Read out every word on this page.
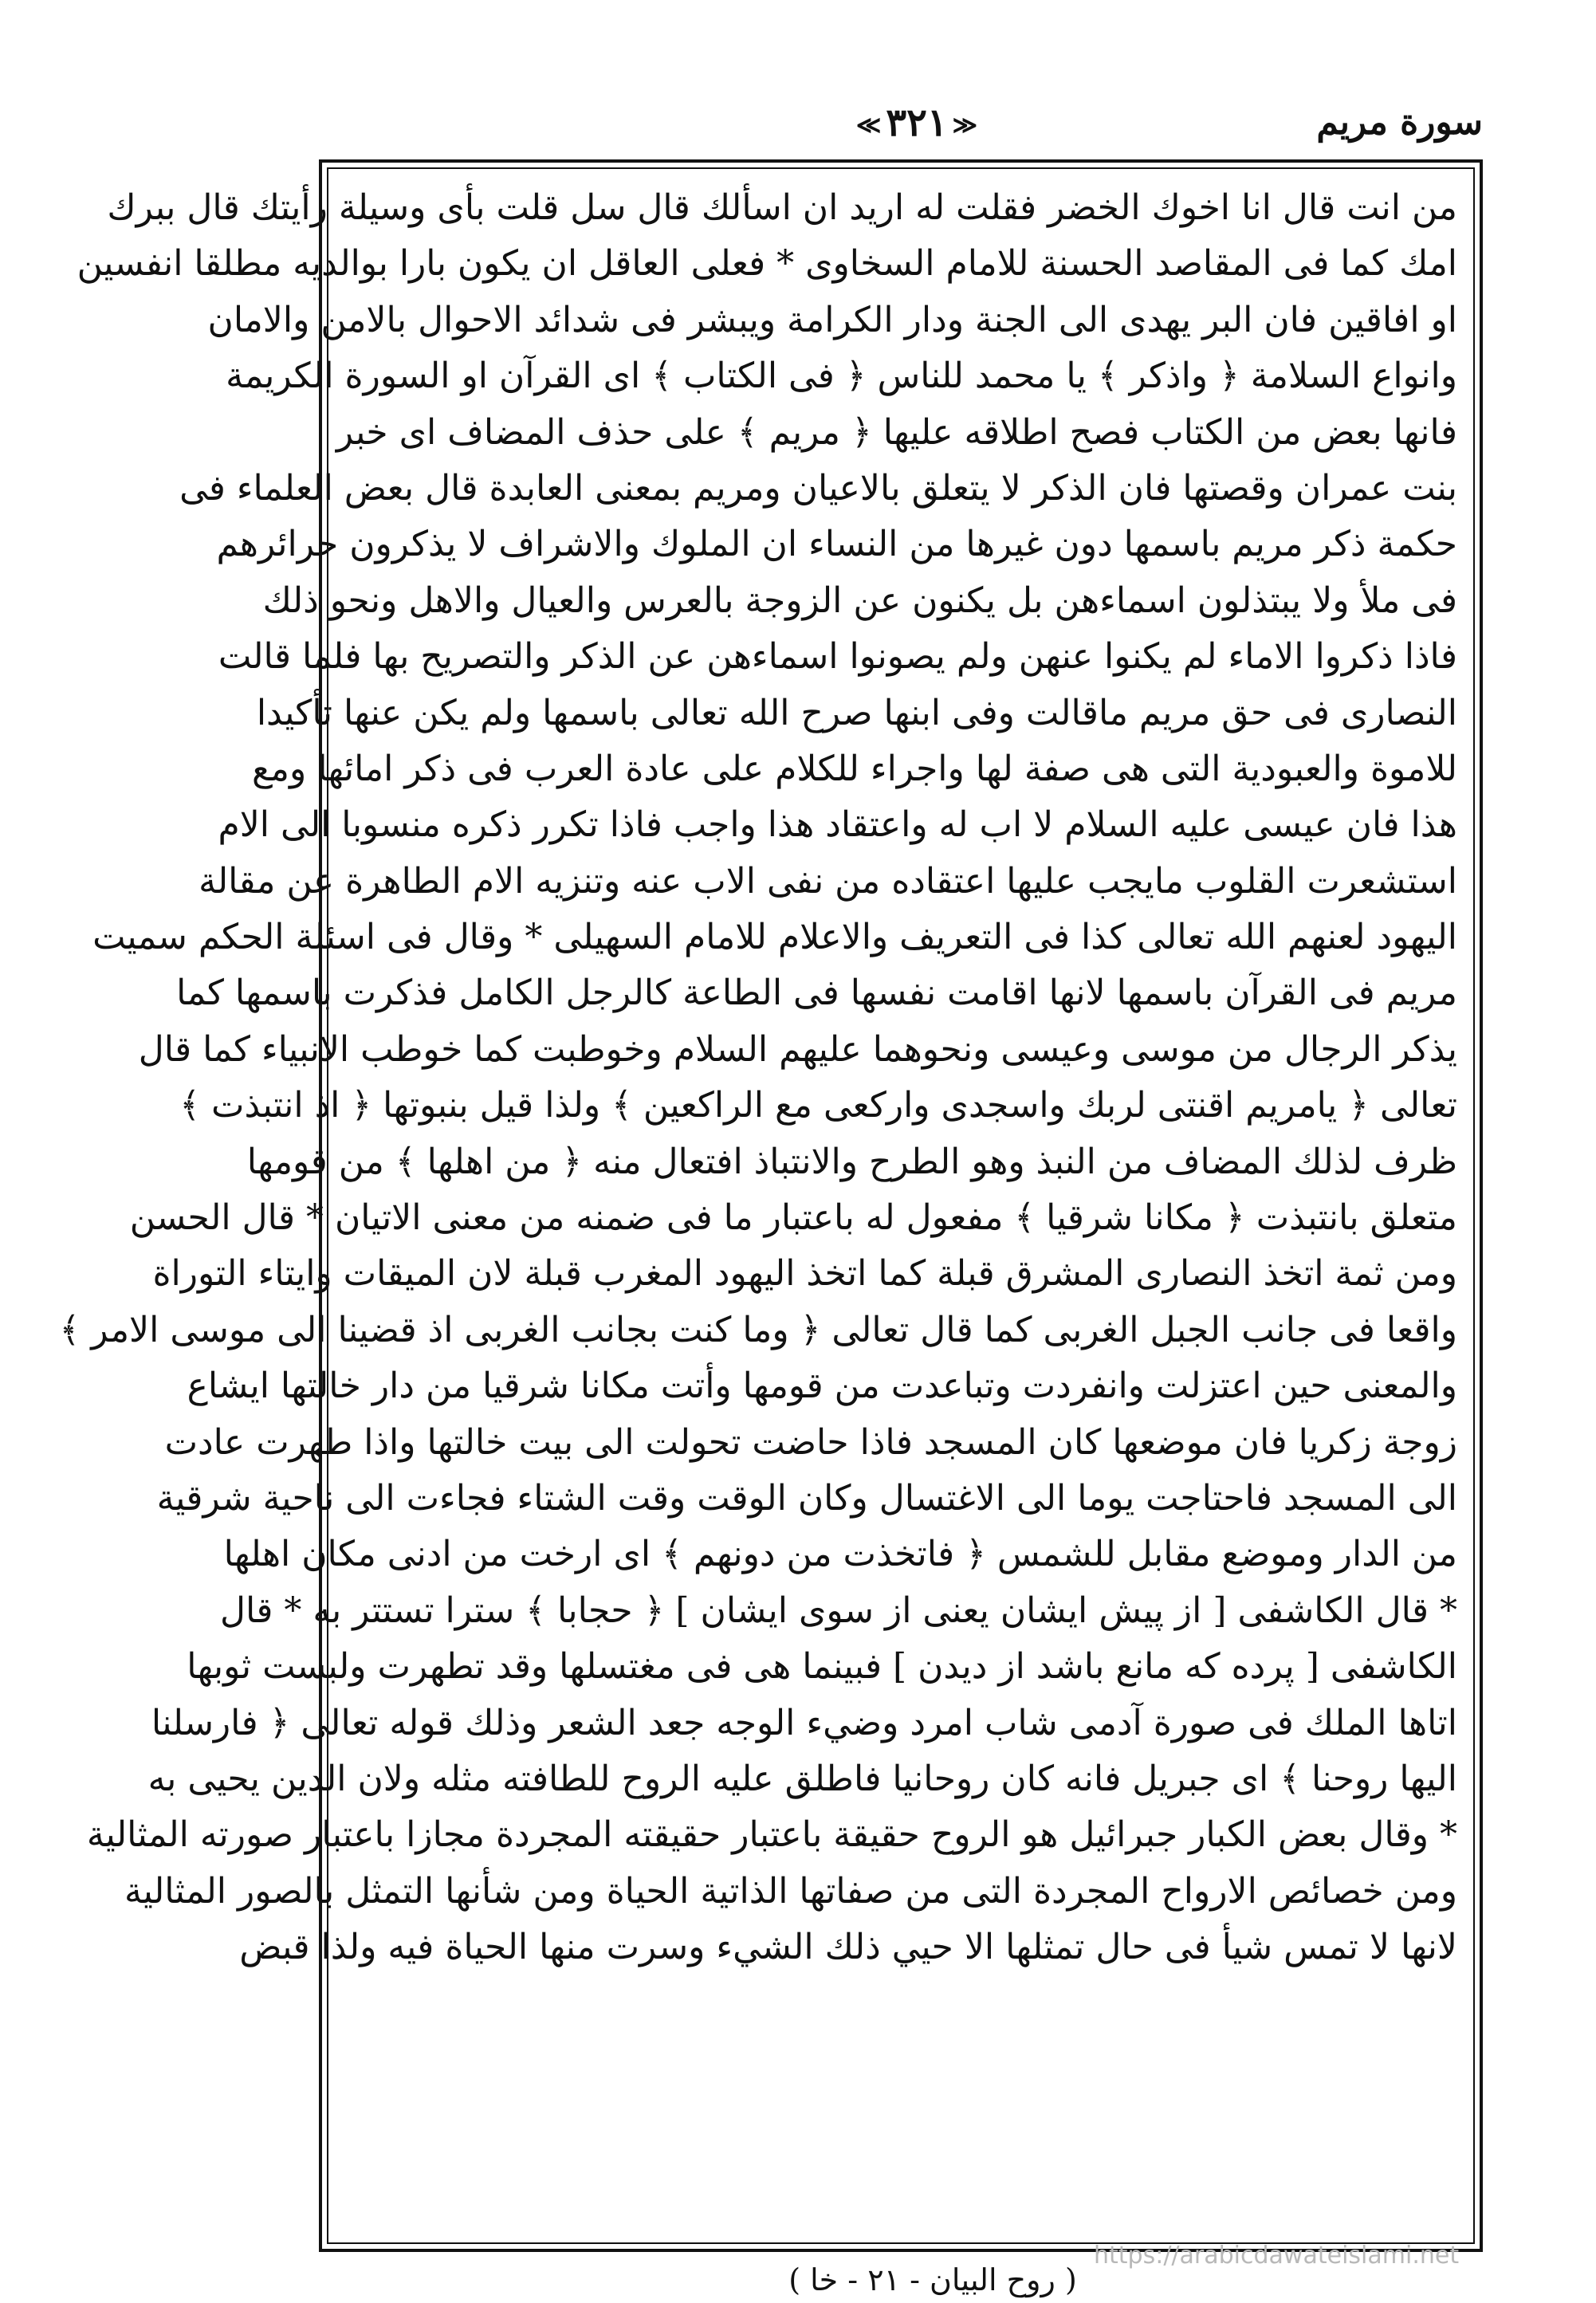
≪ ٣٢١ ≫	سورة مريم
من انت قال انا اخوك الخضر فقلت له اريد ان اسألك قال سل قلت بأى وسيلة رأيتك قال ببرك
امك كما فى المقاصد الحسنة للامام السخاوى * فعلى العاقل ان يكون بارا بوالديه مطلقا انفسين
او افاقين فان البر يهدى الى الجنة ودار الكرامة ويبشر فى شدائد الاحوال بالامن والامان
وانواع السلامة ﴿ واذكر ﴾ يا محمد للناس ﴿ فى الكتاب ﴾ اى القرآن او السورة الكريمة
فانها بعض من الكتاب فصح اطلاقه عليها ﴿ مريم ﴾ على حذف المضاف اى خبر
بنت عمران وقصتها فان الذكر لا يتعلق بالاعيان ومريم بمعنى العابدة قال بعض العلماء فى
حكمة ذكر مريم باسمها دون غيرها من النساء ان الملوك والاشراف لا يذكرون حرائرهم
فى ملأ ولا يبتذلون اسماءهن بل يكنون عن الزوجة بالعرس والعيال والاهل ونحو ذلك
فاذا ذكروا الاماء لم يكنوا عنهن ولم يصونوا اسماءهن عن الذكر والتصريح بها فلما قالت
النصارى فى حق مريم ماقالت وفى ابنها صرح الله تعالى باسمها ولم يكن عنها تأكيدا
للاموة والعبودية التى هى صفة لها واجراء للكلام على عادة العرب فى ذكر امائها ومع
هذا فان عيسى عليه السلام لا اب له واعتقاد هذا واجب فاذا تكرر ذكره منسوبا الى الام
استشعرت القلوب مايجب عليها اعتقاده من نفى الاب عنه وتنزيه الام الطاهرة عن مقالة
اليهود لعنهم الله تعالى كذا فى التعريف والاعلام للامام السهيلى * وقال فى اسئلة الحكم سميت
مريم فى القرآن باسمها لانها اقامت نفسها فى الطاعة كالرجل الكامل فذكرت باسمها كما
يذكر الرجال من موسى وعيسى ونحوهما عليهم السلام وخوطبت كما خوطب الانبياء كما قال
تعالى ﴿ يامريم اقنتى لربك واسجدى واركعى مع الراكعين ﴾ ولذا قيل بنبوتها ﴿ اذ انتبذت ﴾
ظرف لذلك المضاف من النبذ وهو الطرح والانتباذ افتعال منه ﴿ من اهلها ﴾ من قومها
متعلق بانتبذت ﴿ مكانا شرقيا ﴾ مفعول له باعتبار ما فى ضمنه من معنى الاتيان * قال الحسن
ومن ثمة اتخذ النصارى المشرق قبلة كما اتخذ اليهود المغرب قبلة لان الميقات وايتاء التوراة
واقعا فى جانب الجبل الغربى كما قال تعالى ﴿ وما كنت بجانب الغربى اذ قضينا الى موسى الامر ﴾
والمعنى حين اعتزلت وانفردت وتباعدت من قومها وأتت مكانا شرقيا من دار خالتها ايشاع
زوجة زكريا فان موضعها كان المسجد فاذا حاضت تحولت الى بيت خالتها واذا طهرت عادت
الى المسجد فاحتاجت يوما الى الاغتسال وكان الوقت وقت الشتاء فجاءت الى ناحية شرقية
من الدار وموضع مقابل للشمس ﴿ فاتخذت من دونهم ﴾ اى ارخت من ادنى مكان اهلها
* قال الكاشفى [ از پيش ايشان يعنى از سوى ايشان ] ﴿ حجابا ﴾ سترا تستتر به * قال
الكاشفى [ پرده كه مانع باشد از ديدن ] فبينما هى فى مغتسلها وقد تطهرت ولبست ثوبها
اتاها الملك فى صورة آدمى شاب امرد وضيء الوجه جعد الشعر وذلك قوله تعالى ﴿ فارسلنا
اليها روحنا ﴾ اى جبريل فانه كان روحانيا فاطلق عليه الروح للطافته مثله ولان الدين يحيى به
* وقال بعض الكبار جبرائيل هو الروح حقيقة باعتبار حقيقته المجردة مجازا باعتبار صورته المثالية
ومن خصائص الارواح المجردة التى من صفاتها الذاتية الحياة ومن شأنها التمثل بالصور المثالية
لانها لا تمس شيأ فى حال تمثلها الا حيي ذلك الشيء وسرت منها الحياة فيه ولذا قبض
( روح البيان - ٢١ - خا )
https://arabicdawateislami.net
